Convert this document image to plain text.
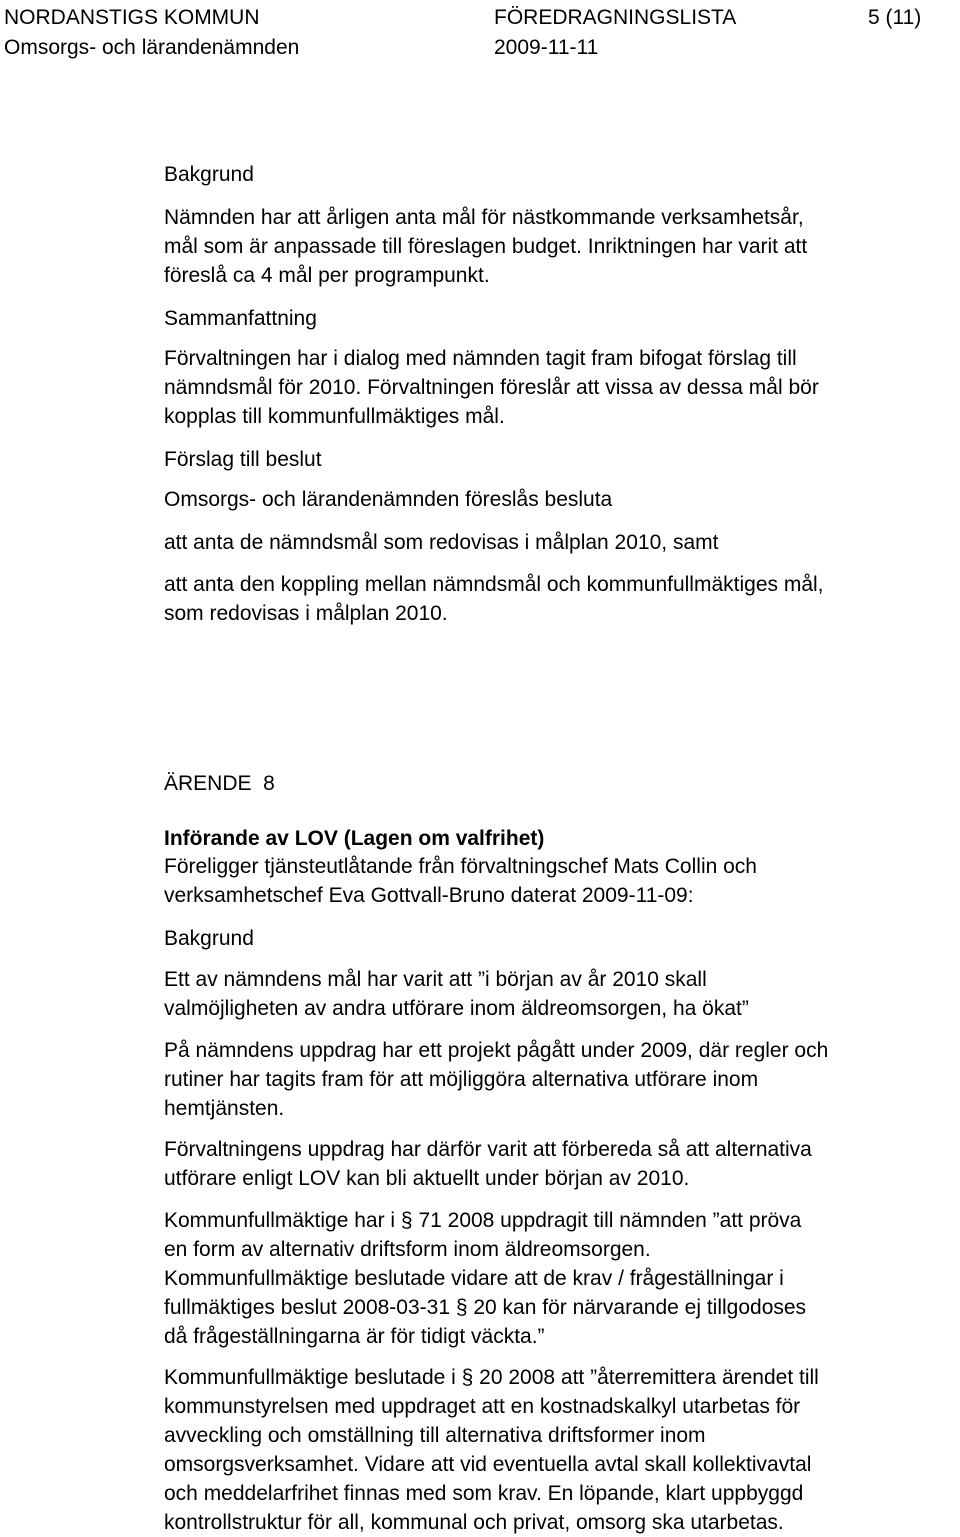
NORDANSTIGS KOMMUN	FÖREDRAGNINGSLISTA	5 (11)
Omsorgs- och lärandenämnden	2009-11-11
Bakgrund
Nämnden har att årligen anta mål för nästkommande verksamhetsår,
mål som är anpassade till föreslagen budget. Inriktningen har varit att
föreslå ca 4 mål per programpunkt.
Sammanfattning
Förvaltningen har i dialog med nämnden tagit fram bifogat förslag till
nämndsmål för 2010. Förvaltningen föreslår att vissa av dessa mål bör
kopplas till kommunfullmäktiges mål.
Förslag till beslut
Omsorgs- och lärandenämnden föreslås besluta
att anta de nämndsmål som redovisas i målplan 2010, samt
att anta den koppling mellan nämndsmål och kommunfullmäktiges mål,
som redovisas i målplan 2010.
ÄRENDE  8
Införande av LOV (Lagen om valfrihet)
Föreligger tjänsteutlåtande från förvaltningschef Mats Collin och
verksamhetschef Eva Gottvall-Bruno daterat 2009-11-09:
Bakgrund
Ett av nämndens mål har varit att ”i början av år 2010 skall
valmöjligheten av andra utförare inom äldreomsorgen, ha ökat”
På nämndens uppdrag har ett projekt pågått under 2009, där regler och
rutiner har tagits fram för att möjliggöra alternativa utförare inom
hemtjänsten.
Förvaltningens uppdrag har därför varit att förbereda så att alternativa
utförare enligt LOV kan bli aktuellt under början av 2010.
Kommunfullmäktige har i § 71 2008 uppdragit till nämnden ”att pröva
en form av alternativ driftsform inom äldreomsorgen.
Kommunfullmäktige beslutade vidare att de krav / frågeställningar i
fullmäktiges beslut 2008-03-31 § 20 kan för närvarande ej tillgodoses
då frågeställningarna är för tidigt väckta.”
Kommunfullmäktige beslutade i § 20 2008 att ”återremittera ärendet till
kommunstyrelsen med uppdraget att en kostnadskalkyl utarbetas för
avveckling och omställning till alternativa driftsformer inom
omsorgsverksamhet. Vidare att vid eventuella avtal skall kollektivavtal
och meddelarfrihet finnas med som krav. En löpande, klart uppbyggd
kontrollstruktur för all, kommunal och privat, omsorg ska utarbetas.
